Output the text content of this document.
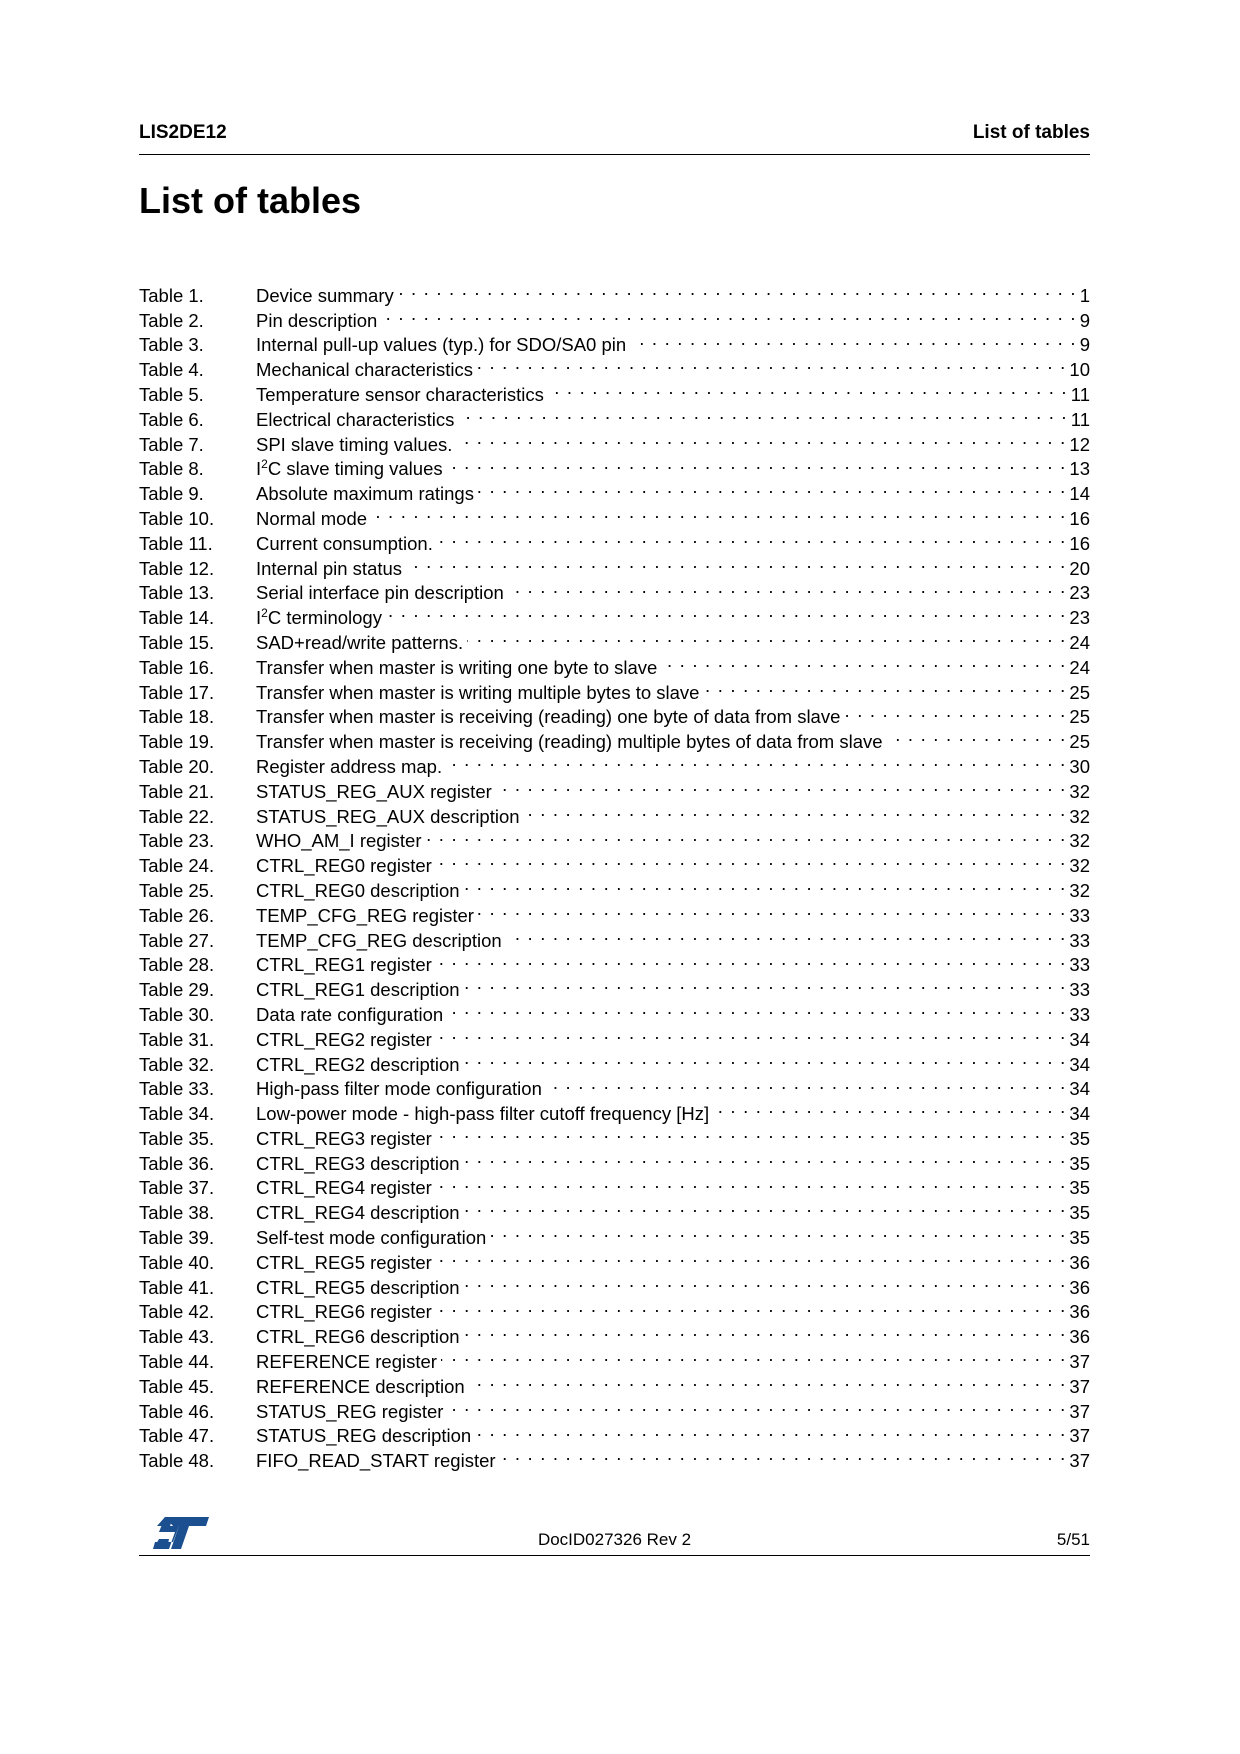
LIS2DE12	List of tables
List of tables
Table 1.	Device summary . . .	1
Table 2.	Pin description . . .	9
Table 3.	Internal pull-up values (typ.) for SDO/SA0 pin . . .	9
Table 4.	Mechanical characteristics . . .	10
Table 5.	Temperature sensor characteristics . . .	11
Table 6.	Electrical characteristics . . .	11
Table 7.	SPI slave timing values. . . .	12
Table 8.	$I^2C$ slave timing values . . .	13
Table 9.	Absolute maximum ratings . . .	14
Table 10.	Normal mode . . .	16
Table 11.	Current consumption. . . .	16
Table 12.	Internal pin status . . .	20
Table 13.	Serial interface pin description . . .	23
Table 14.	$I^2C$ terminology . . .	23
Table 15.	SAD+read/write patterns. . . .	24
Table 16.	Transfer when master is writing one byte to slave . . .	24
Table 17.	Transfer when master is writing multiple bytes to slave . . .	25
Table 18.	Transfer when master is receiving (reading) one byte of data from slave . . .	25
Table 19.	Transfer when master is receiving (reading) multiple bytes of data from slave . . .	25
Table 20.	Register address map. . . .	30
Table 21.	STATUS_REG_AUX register . . .	32
Table 22.	STATUS_REG_AUX description . . .	32
Table 23.	WHO_AM_I register . . .	32
Table 24.	CTRL_REG0 register . . .	32
Table 25.	CTRL_REG0 description . . .	32
Table 26.	TEMP_CFG_REG register . . .	33
Table 27.	TEMP_CFG_REG description . . .	33
Table 28.	CTRL_REG1 register . . .	33
Table 29.	CTRL_REG1 description . . .	33
Table 30.	Data rate configuration . . .	33
Table 31.	CTRL_REG2 register . . .	34
Table 32.	CTRL_REG2 description . . .	34
Table 33.	High-pass filter mode configuration . . .	34
Table 34.	Low-power mode - high-pass filter cutoff frequency [Hz] . . .	34
Table 35.	CTRL_REG3 register . . .	35
Table 36.	CTRL_REG3 description . . .	35
Table 37.	CTRL_REG4 register . . .	35
Table 38.	CTRL_REG4 description . . .	35
Table 39.	Self-test mode configuration . . .	35
Table 40.	CTRL_REG5 register . . .	36
Table 41.	CTRL_REG5 description . . .	36
Table 42.	CTRL_REG6 register . . .	36
Table 43.	CTRL_REG6 description . . .	36
Table 44.	REFERENCE register . . .	37
Table 45.	REFERENCE description . . .	37
Table 46.	STATUS_REG register . . .	37
Table 47.	STATUS_REG description . . .	37
Table 48.	FIFO_READ_START register . . .	37
DocID027326 Rev 2	5/51
